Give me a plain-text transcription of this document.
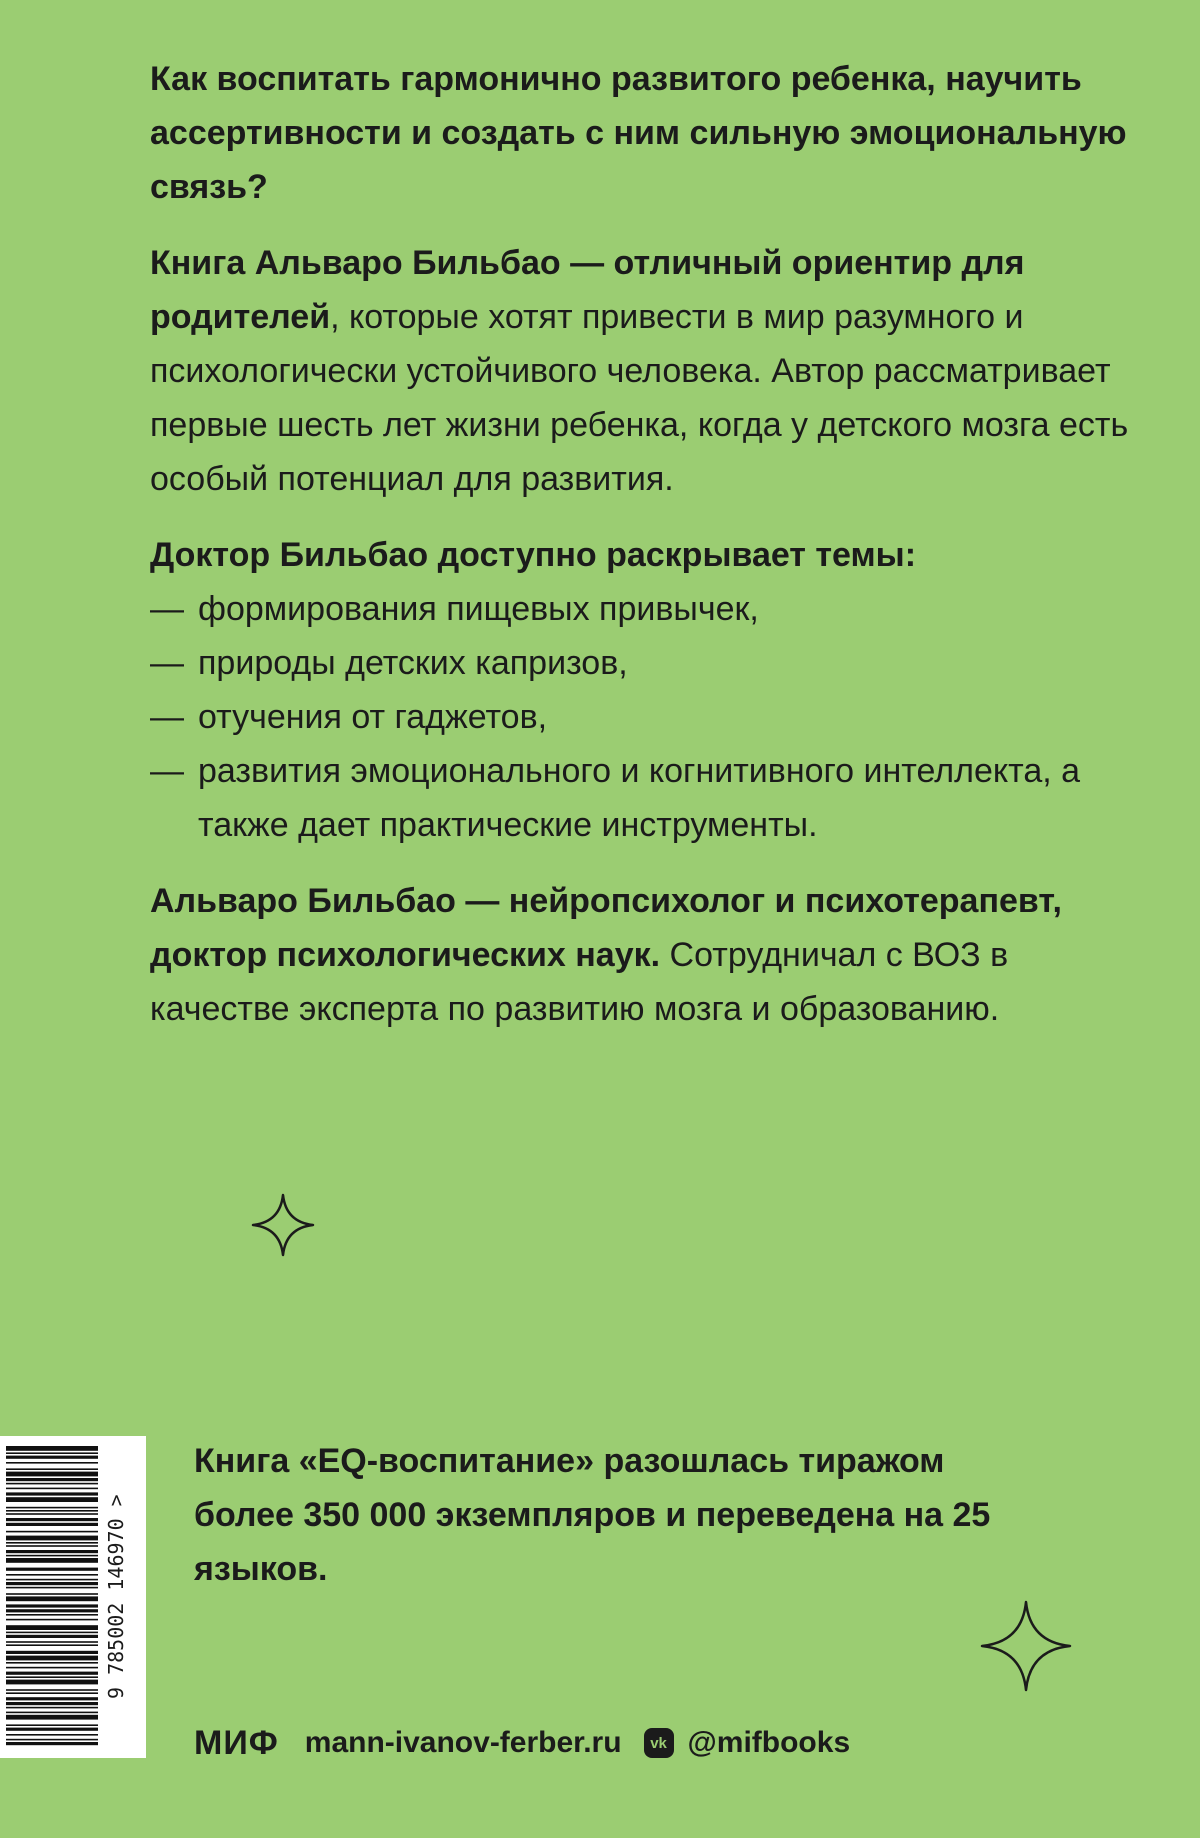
Как воспитать гармонично развитого ребенка, научить ассертивности и создать с ним сильную эмоциональную связь?

Книга Альваро Бильбао — отличный ориентир для родителей, которые хотят привести в мир разумного и психологически устойчивого человека. Автор рассматривает первые шесть лет жизни ребенка, когда у детского мозга есть особый потенциал для развития.

Доктор Бильбао доступно раскрывает темы:

— формирования пищевых привычек,
— природы детских капризов,
— отучения от гаджетов,
— развития эмоционального и когнитивного интеллекта, а также дает практические инструменты.

Альваро Бильбао — нейропсихолог и психотерапевт, доктор психологических наук. Сотрудничал с ВОЗ в качестве эксперта по развитию мозга и образованию.

9 785002 146970 >
Книга «EQ-воспитание» разошлась тиражом более 350 000 экземпляров и переведена на 25 языков.
МИФ mann-ivanov-ferber.ru vk @mifbooks
